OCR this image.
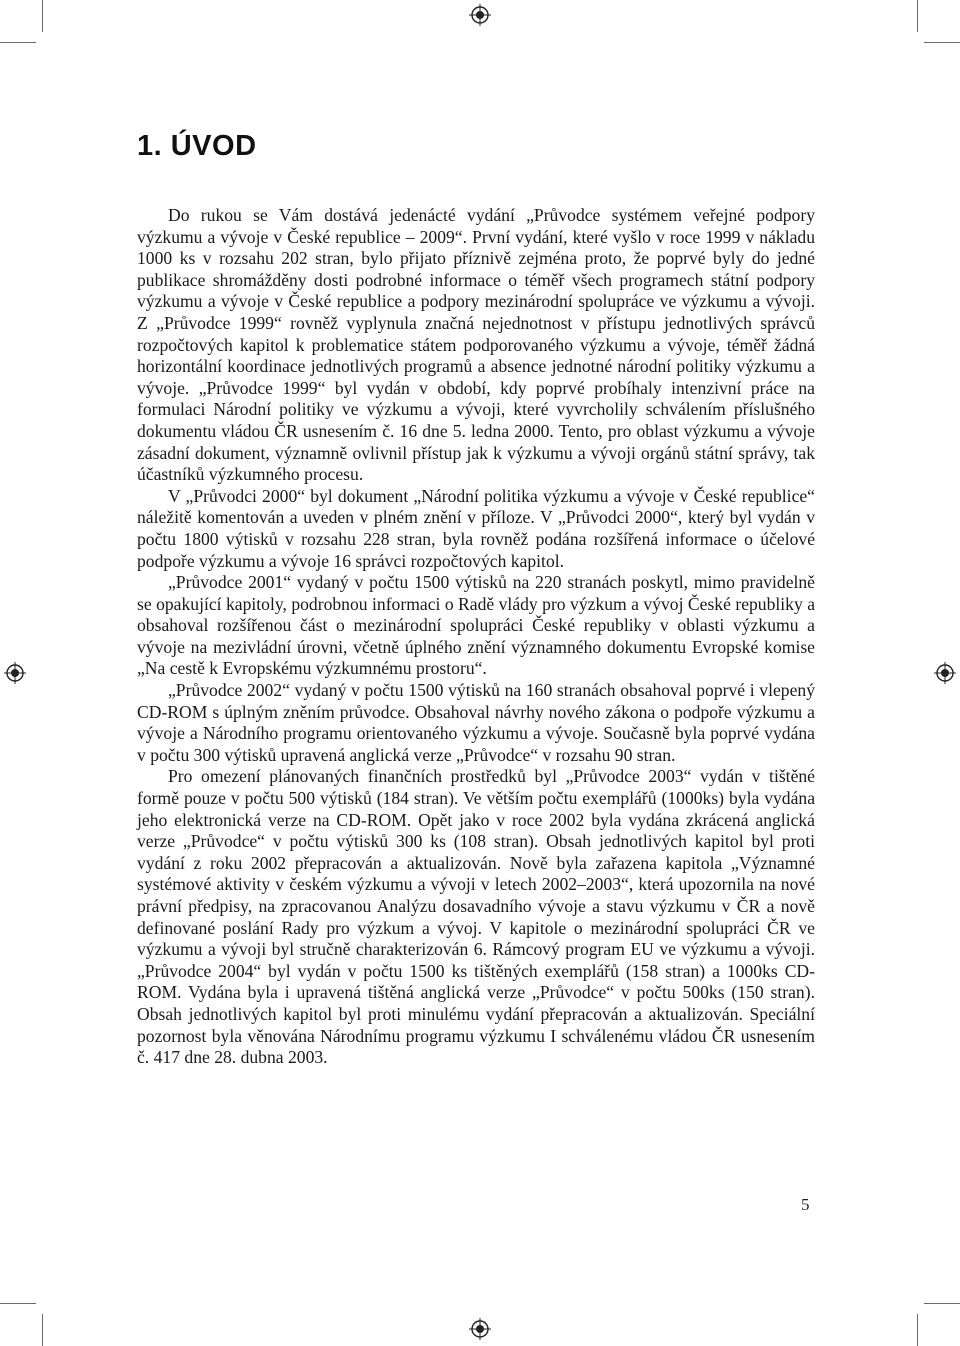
1. ÚVOD

Do rukou se Vám dostává jedenácté vydání „Průvodce systémem veřejné podpory výzkumu a vývoje v České republice – 2009“. První vydání, které vyšlo v roce 1999 v nákladu 1000 ks v rozsahu 202 stran, bylo přijato příznivě zejména proto, že poprvé byly do jedné publikace shromážděny dosti podrobné informace o téměř všech programech státní podpory výzkumu a vývoje v České republice a podpory mezinárodní spolupráce ve výzkumu a vývoji. Z „Průvodce 1999“ rovněž vyplynula značná nejednotnost v přístupu jednotlivých správců rozpočtových kapitol k problematice státem podporovaného výzkumu a vývoje, téměř žádná horizontální koordinace jednotlivých programů a absence jednotné národní politiky výzkumu a vývoje. „Průvodce 1999“ byl vydán v období, kdy poprvé probíhaly intenzivní práce na formulaci Národní politiky ve výzkumu a vývoji, které vyvrcholily schválením příslušného dokumentu vládou ČR usnesením č. 16 dne 5. ledna 2000. Tento, pro oblast výzkumu a vývoje zásadní dokument, významně ovlivnil přístup jak k výzkumu a vývoji orgánů státní správy, tak účastníků výzkumného procesu.

V „Průvodci 2000“ byl dokument „Národní politika výzkumu a vývoje v České republice“ náležitě komentován a uveden v plném znění v příloze. V „Průvodci 2000“, který byl vydán v počtu 1800 výtisků v rozsahu 228 stran, byla rovněž podána rozšířená informace o účelové podpoře výzkumu a vývoje 16 správci rozpočtových kapitol.

„Průvodce 2001“ vydaný v počtu 1500 výtisků na 220 stranách poskytl, mimo pravidelně se opakující kapitoly, podrobnou informaci o Radě vlády pro výzkum a vývoj České republiky a obsahoval rozšířenou část o mezinárodní spolupráci České republiky v oblasti výzkumu a vývoje na mezivládní úrovni, včetně úplného znění významného dokumentu Evropské komise „Na cestě k Evropskému výzkumnému prostoru“.

„Průvodce 2002“ vydaný v počtu 1500 výtisků na 160 stranách obsahoval poprvé i vlepený CD-ROM s úplným zněním průvodce. Obsahoval návrhy nového zákona o podpoře výzkumu a vývoje a Národního programu orientovaného výzkumu a vývoje. Současně byla poprvé vydána v počtu 300 výtisků upravená anglická verze „Průvodce“ v rozsahu 90 stran.

Pro omezení plánovaných finančních prostředků byl „Průvodce 2003“ vydán v tištěné formě pouze v počtu 500 výtisků (184 stran). Ve větším počtu exemplářů (1000ks) byla vydána jeho elektronická verze na CD-ROM. Opět jako v roce 2002 byla vydána zkrácená anglická verze „Průvodce“ v počtu výtisků 300 ks (108 stran). Obsah jednotlivých kapitol byl proti vydání z roku 2002 přepracován a aktualizován. Nově byla zařazena kapitola „Významné systémové aktivity v českém výzkumu a vývoji v letech 2002–2003“, která upozornila na nové právní předpisy, na zpracovanou Analýzu dosavadního vývoje a stavu výzkumu v ČR a nově definované poslání Rady pro výzkum a vývoj. V kapitole o mezinárodní spolupráci ČR ve výzkumu a vývoji byl stručně charakterizován 6. Rámcový program EU ve výzkumu a vývoji. „Průvodce 2004“ byl vydán v počtu 1500 ks tištěných exemplářů (158 stran) a 1000ks CD-ROM. Vydána byla i upravená tištěná anglická verze „Průvodce“ v počtu 500ks (150 stran). Obsah jednotlivých kapitol byl proti minulému vydání přepracován a aktualizován. Speciální pozornost byla věnována Národnímu programu výzkumu I schválenému vládou ČR usnesením č. 417 dne 28. dubna 2003.

5
